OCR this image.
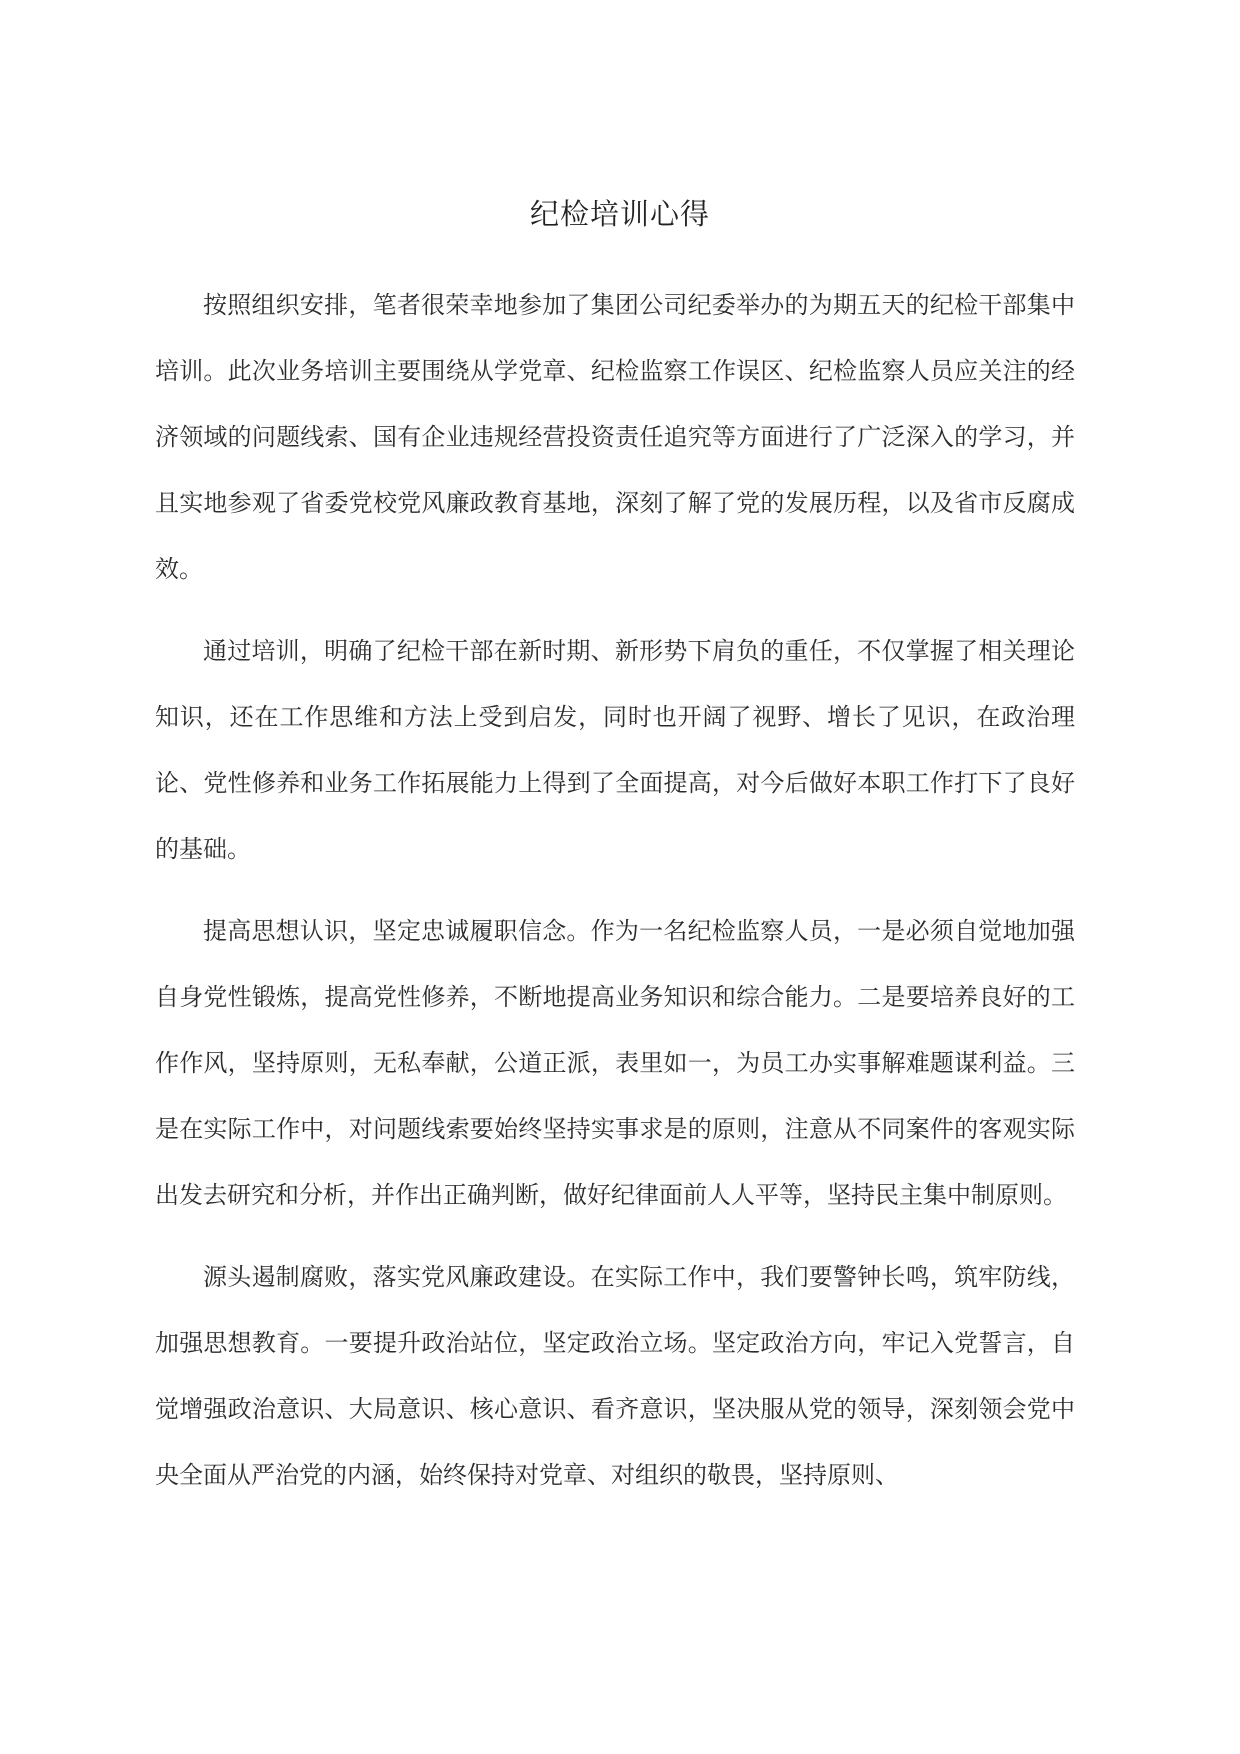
纪检培训心得

按照组织安排，笔者很荣幸地参加了集团公司纪委举办的为期五天的纪检干部集中培训。此次业务培训主要围绕从学党章、纪检监察工作误区、纪检监察人员应关注的经济领域的问题线索、国有企业违规经营投资责任追究等方面进行了广泛深入的学习，并且实地参观了省委党校党风廉政教育基地，深刻了解了党的发展历程，以及省市反腐成效。

通过培训，明确了纪检干部在新时期、新形势下肩负的重任，不仅掌握了相关理论知识，还在工作思维和方法上受到启发，同时也开阔了视野、增长了见识，在政治理论、党性修养和业务工作拓展能力上得到了全面提高，对今后做好本职工作打下了良好的基础。

提高思想认识，坚定忠诚履职信念。作为一名纪检监察人员，一是必须自觉地加强自身党性锻炼，提高党性修养，不断地提高业务知识和综合能力。二是要培养良好的工作作风，坚持原则，无私奉献，公道正派，表里如一，为员工办实事解难题谋利益。三是在实际工作中，对问题线索要始终坚持实事求是的原则，注意从不同案件的客观实际出发去研究和分析，并作出正确判断，做好纪律面前人人平等，坚持民主集中制原则。

源头遏制腐败，落实党风廉政建设。在实际工作中，我们要警钟长鸣，筑牢防线，加强思想教育。一要提升政治站位，坚定政治立场。坚定政治方向，牢记入党誓言，自觉增强政治意识、大局意识、核心意识、看齐意识，坚决服从党的领导，深刻领会党中央全面从严治党的内涵，始终保持对党章、对组织的敬畏，坚持原则、
